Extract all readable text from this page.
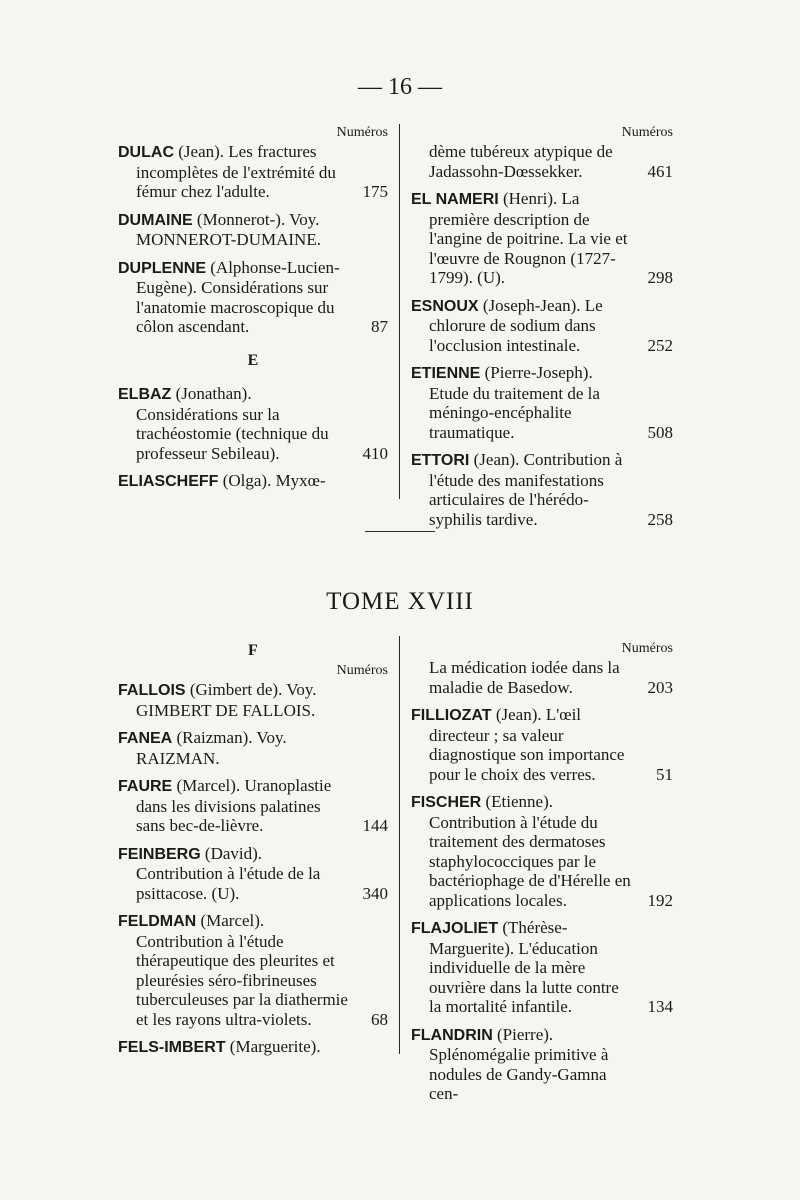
— 16 —
TOME XVIII
Numéros
DULAC (Jean). Les fractures incomplètes de l'extrémité du fémur chez l'adulte.	175
DUMAINE (Monnerot-). Voy. MONNEROT-DUMAINE.
DUPLENNE (Alphonse-Lucien-Eugène). Considérations sur l'anatomie macroscopique du côlon ascendant.	87
E
ELBAZ (Jonathan). Considérations sur la trachéostomie (technique du professeur Sebileau).	410
ELIASCHEFF (Olga). Myxœ-
Numéros
dème tubéreux atypique de Jadassohn-Dœssekker.	461
EL NAMERI (Henri). La première description de l'angine de poitrine. La vie et l'œuvre de Rougnon (1727-1799). (U).	298
ESNOUX (Joseph-Jean). Le chlorure de sodium dans l'occlusion intestinale.	252
ETIENNE (Pierre-Joseph). Etude du traitement de la méningo-encéphalite traumatique.	508
ETTORI (Jean). Contribution à l'étude des manifestations articulaires de l'hérédo-syphilis tardive.	258
F
Numéros
FALLOIS (Gimbert de). Voy. GIMBERT DE FALLOIS.
FANEA (Raizman). Voy. RAIZMAN.
FAURE (Marcel). Uranoplastie dans les divisions palatines sans bec-de-lièvre.	144
FEINBERG (David). Contribution à l'étude de la psittacose. (U).	340
FELDMAN (Marcel). Contribution à l'étude thérapeutique des pleurites et pleurésies séro-fibrineuses tuberculeuses par la diathermie et les rayons ultra-violets.	68
FELS-IMBERT (Marguerite).
Numéros
La médication iodée dans la maladie de Basedow.	203
FILLIOZAT (Jean). L'œil directeur ; sa valeur diagnostique son importance pour le choix des verres.	51
FISCHER (Etienne). Contribution à l'étude du traitement des dermatoses staphylococciques par le bactériophage de d'Hérelle en applications locales.	192
FLAJOLIET (Thérèse-Marguerite). L'éducation individuelle de la mère ouvrière dans la lutte contre la mortalité infantile.	134
FLANDRIN (Pierre). Splénomégalie primitive à nodules de Gandy-Gamna cen-
